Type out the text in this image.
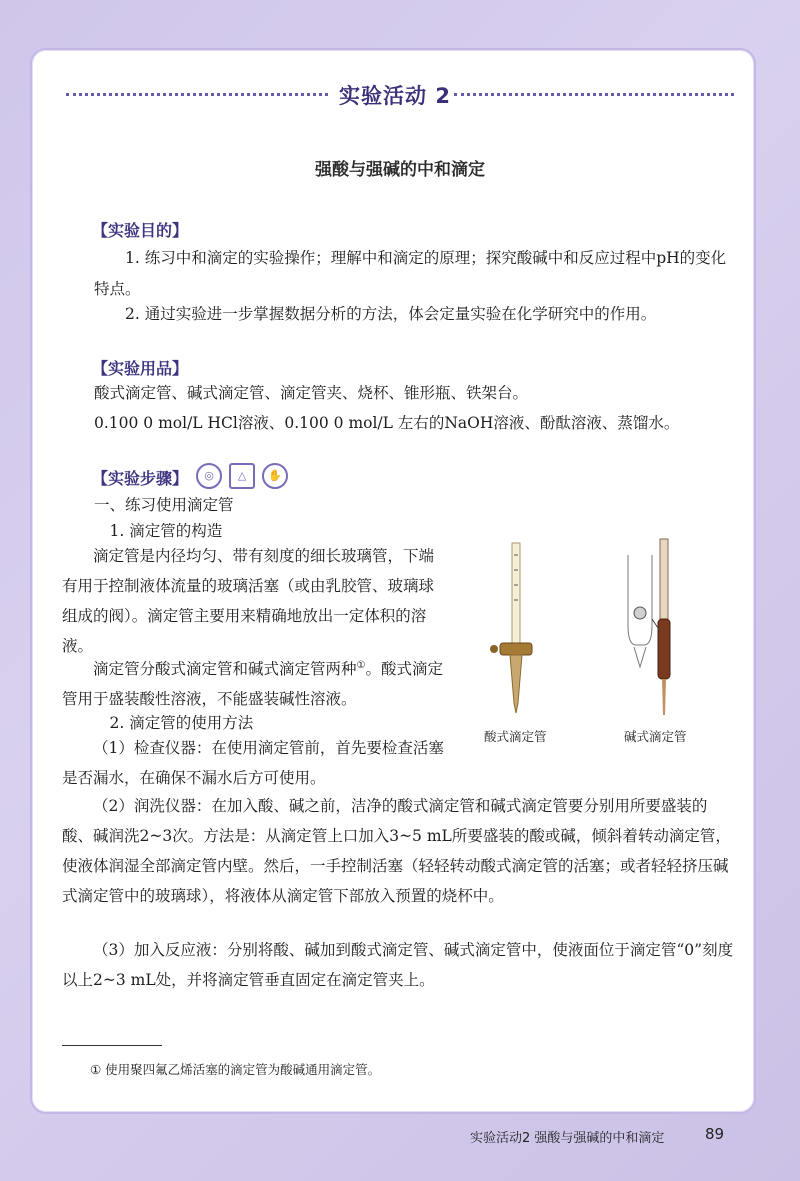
实验活动 2
强酸与强碱的中和滴定
【实验目的】
1. 练习中和滴定的实验操作；理解中和滴定的原理；探究酸碱中和反应过程中pH的变化特点。
2. 通过实验进一步掌握数据分析的方法，体会定量实验在化学研究中的作用。
【实验用品】
酸式滴定管、碱式滴定管、滴定管夹、烧杯、锥形瓶、铁架台。
0.100 0 mol/L HCl溶液、0.100 0 mol/L 左右的NaOH溶液、酚酞溶液、蒸馏水。
【实验步骤】	◎ △ ✋
一、练习使用滴定管
1. 滴定管的构造
滴定管是内径均匀、带有刻度的细长玻璃管，下端有用于控制液体流量的玻璃活塞（或由乳胶管、玻璃球组成的阀）。滴定管主要用来精确地放出一定体积的溶液。
滴定管分酸式滴定管和碱式滴定管两种①。酸式滴定管用于盛装酸性溶液，不能盛装碱性溶液。
2. 滴定管的使用方法
（1）检查仪器：在使用滴定管前，首先要检查活塞是否漏水，在确保不漏水后方可使用。
（2）润洗仪器：在加入酸、碱之前，洁净的酸式滴定管和碱式滴定管要分别用所要盛装的酸、碱润洗2~3次。方法是：从滴定管上口加入3~5 mL所要盛装的酸或碱，倾斜着转动滴定管，使液体润湿全部滴定管内壁。然后，一手控制活塞（轻轻转动酸式滴定管的活塞；或者轻轻挤压碱式滴定管中的玻璃球），将液体从滴定管下部放入预置的烧杯中。
（3）加入反应液：分别将酸、碱加到酸式滴定管、碱式滴定管中，使液面位于滴定管“0”刻度以上2~3 mL处，并将滴定管垂直固定在滴定管夹上。
酸式滴定管	碱式滴定管
① 使用聚四氟乙烯活塞的滴定管为酸碱通用滴定管。
实验活动2 强酸与强碱的中和滴定	89
